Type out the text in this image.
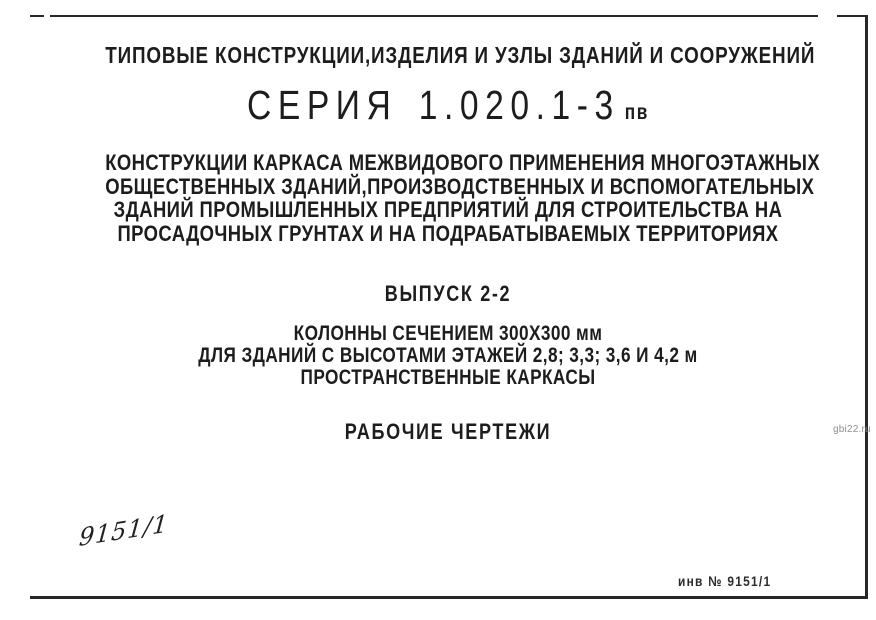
ТИПОВЫЕ КОНСТРУКЦИИ,ИЗДЕЛИЯ И УЗЛЫ ЗДАНИЙ И СООРУЖЕНИЙ
СЕРИЯ 1.020.1-3 пв
КОНСТРУКЦИИ КАРКАСА МЕЖВИДОВОГО ПРИМЕНЕНИЯ МНОГОЭТАЖНЫХ
ОБЩЕСТВЕННЫХ ЗДАНИЙ,ПРОИЗВОДСТВЕННЫХ И ВСПОМОГАТЕЛЬНЫХ
ЗДАНИЙ ПРОМЫШЛЕННЫХ ПРЕДПРИЯТИЙ ДЛЯ СТРОИТЕЛЬСТВА НА
ПРОСАДОЧНЫХ ГРУНТАХ И НА ПОДРАБАТЫВАЕМЫХ ТЕРРИТОРИЯХ
ВЫПУСК 2-2
КОЛОННЫ СЕЧЕНИЕМ 300X300 мм
ДЛЯ ЗДАНИЙ С ВЫСОТАМИ ЭТАЖЕЙ 2,8; 3,3; 3,6 И 4,2 м
ПРОСТРАНСТВЕННЫЕ КАРКАСЫ
РАБОЧИЕ ЧЕРТЕЖИ
9151/1
инв № 9151/1
gbi22.ru
